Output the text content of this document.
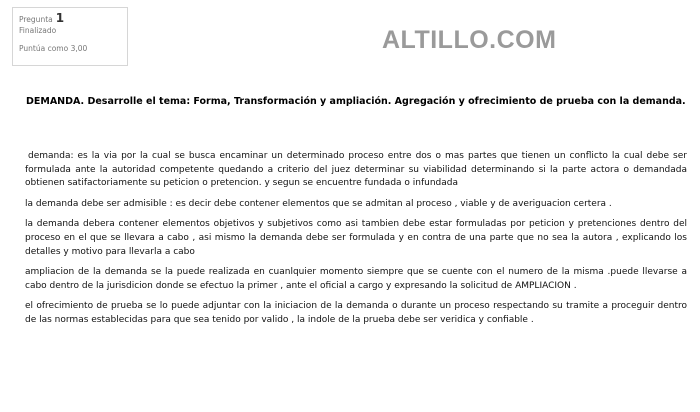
Pregunta 1
Finalizado
Puntúa como 3,00	ALTILLO.COM
DEMANDA. Desarrolle el tema: Forma, Transformación y ampliación. Agregación y ofrecimiento de prueba con la demanda.

demanda: es la via por la cual se busca encaminar un determinado proceso entre dos o mas partes que tienen un conflicto la cual debe ser formulada ante la autoridad competente quedando a criterio del juez determinar su viabilidad determinando si la parte actora o demandada obtienen satifactoriamente su peticion o pretencion. y segun se encuentre fundada o infundada

la demanda debe ser admisible : es decir debe contener elementos que se admitan al proceso , viable y de averiguacion certera .

la demanda debera contener elementos objetivos y subjetivos como asi tambien debe estar formuladas por peticion y pretenciones dentro del proceso en el que se llevara a cabo , asi mismo la demanda debe ser formulada y en contra de una parte que no sea la autora , explicando los detalles y motivo para llevarla a cabo

ampliacion de la demanda se la puede realizada en cuanlquier momento siempre que se cuente con el numero de la misma .puede llevarse a cabo dentro de la jurisdicion donde se efectuo la primer , ante el oficial a cargo y expresando la solicitud de AMPLIACION .

el ofrecimiento de prueba se lo puede adjuntar con la iniciacion de la demanda o durante un proceso respectando su tramite a proceguir dentro de las normas establecidas para que sea tenido por valido , la indole de la prueba debe ser veridica y confiable .
